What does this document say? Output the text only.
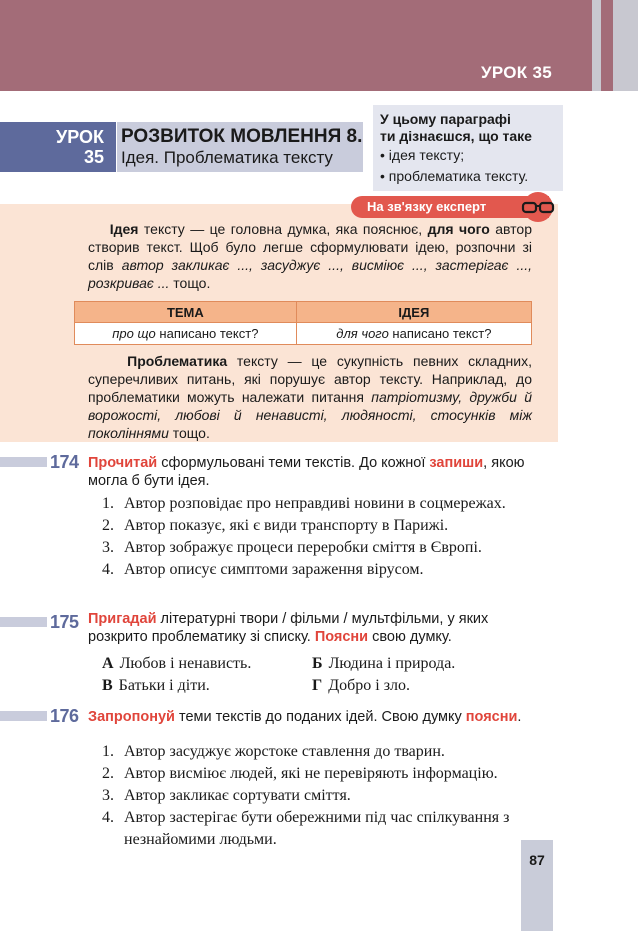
УРОК 35
УРОК
35
РОЗВИТОК МОВЛЕННЯ 8.
Ідея. Проблематика тексту
У цьому параграфі
ти дізнаєшся, що таке
• ідея тексту;
• проблематика тексту.
Ідея тексту — це головна думка, яка пояснює, для чого автор створив текст. Щоб було легше сформулювати ідею, розпочни зі слів автор закликає ..., засуджує ..., висміює ..., застерігає ..., розкриває ... тощо.
Проблематика тексту — це сукупність певних складних, суперечливих питань, які порушує автор тексту. Наприклад, до проблематики можуть належати питання патріотизму, дружби й ворожості, любові й ненависті, людяності, стосунків між поколіннями тощо.
ТЕМА	ІДЕЯ
про що написано текст?	для чого написано текст?
На зв'язку експерт
174 Прочитай сформульовані теми текстів. До кожної запиши, якою могла б бути ідея.
1. Автор розповідає про неправдиві новини в соцмережах.
2. Автор показує, які є види транспорту в Парижі.
3. Автор зображує процеси переробки сміття в Європі.
4. Автор описує симптоми зараження вірусом.
175 Пригадай літературні твори / фільми / мультфільми, у яких розкрито проблематику зі списку. Поясни свою думку.
А Любов і ненависть.	Б Людина і природа.
В Батьки і діти.	Г Добро і зло.
176 Запропонуй теми текстів до поданих ідей. Свою думку поясни.
1. Автор засуджує жорстоке ставлення до тварин.
2. Автор висміює людей, які не перевіряють інформацію.
3. Автор закликає сортувати сміття.
4. Автор застерігає бути обережними під час спілкування з незнайомими людьми.
87
